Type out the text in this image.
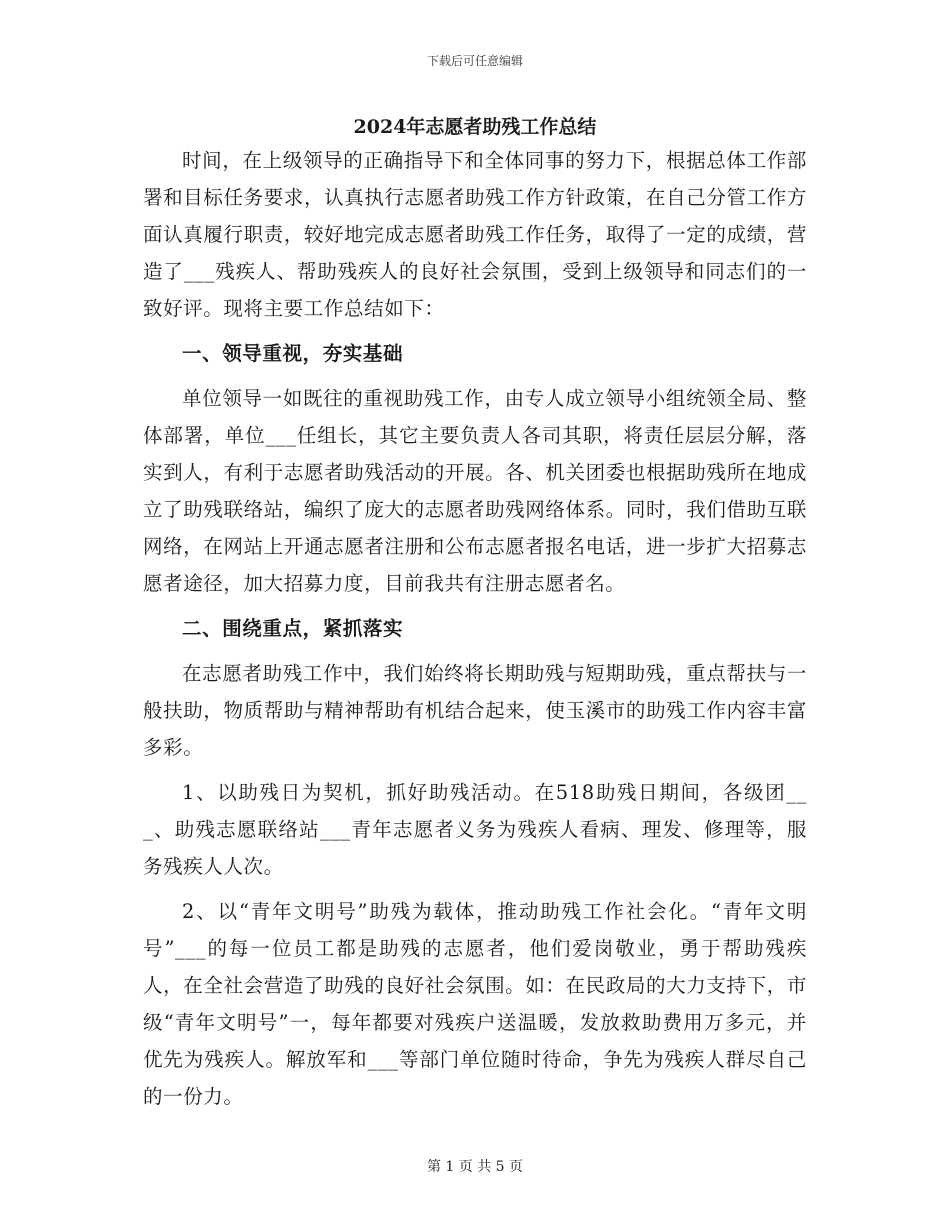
下载后可任意编辑
2024年志愿者助残工作总结

时间，在上级领导的正确指导下和全体同事的努力下，根据总体工作部署和目标任务要求，认真执行志愿者助残工作方针政策，在自己分管工作方面认真履行职责，较好地完成志愿者助残工作任务，取得了一定的成绩，营造了___残疾人、帮助残疾人的良好社会氛围，受到上级领导和同志们的一致好评。现将主要工作总结如下：

一、领导重视，夯实基础

单位领导一如既往的重视助残工作，由专人成立领导小组统领全局、整体部署，单位___任组长，其它主要负责人各司其职，将责任层层分解，落实到人，有利于志愿者助残活动的开展。各、机关团委也根据助残所在地成立了助残联络站，编织了庞大的志愿者助残网络体系。同时，我们借助互联网络，在网站上开通志愿者注册和公布志愿者报名电话，进一步扩大招募志愿者途径，加大招募力度，目前我共有注册志愿者名。

二、围绕重点，紧抓落实

在志愿者助残工作中，我们始终将长期助残与短期助残，重点帮扶与一般扶助，物质帮助与精神帮助有机结合起来，使玉溪市的助残工作内容丰富多彩。

1、以助残日为契机，抓好助残活动。在518助残日期间，各级团___、助残志愿联络站___青年志愿者义务为残疾人看病、理发、修理等，服务残疾人人次。

2、以“青年文明号”助残为载体，推动助残工作社会化。“青年文明号”___的每一位员工都是助残的志愿者，他们爱岗敬业，勇于帮助残疾人，在全社会营造了助残的良好社会氛围。如：在民政局的大力支持下，市级“青年文明号”一，每年都要对残疾户送温暖，发放救助费用万多元，并优先为残疾人。解放军和___等部门单位随时待命，争先为残疾人群尽自己的一份力。

第 1 页 共 5 页
